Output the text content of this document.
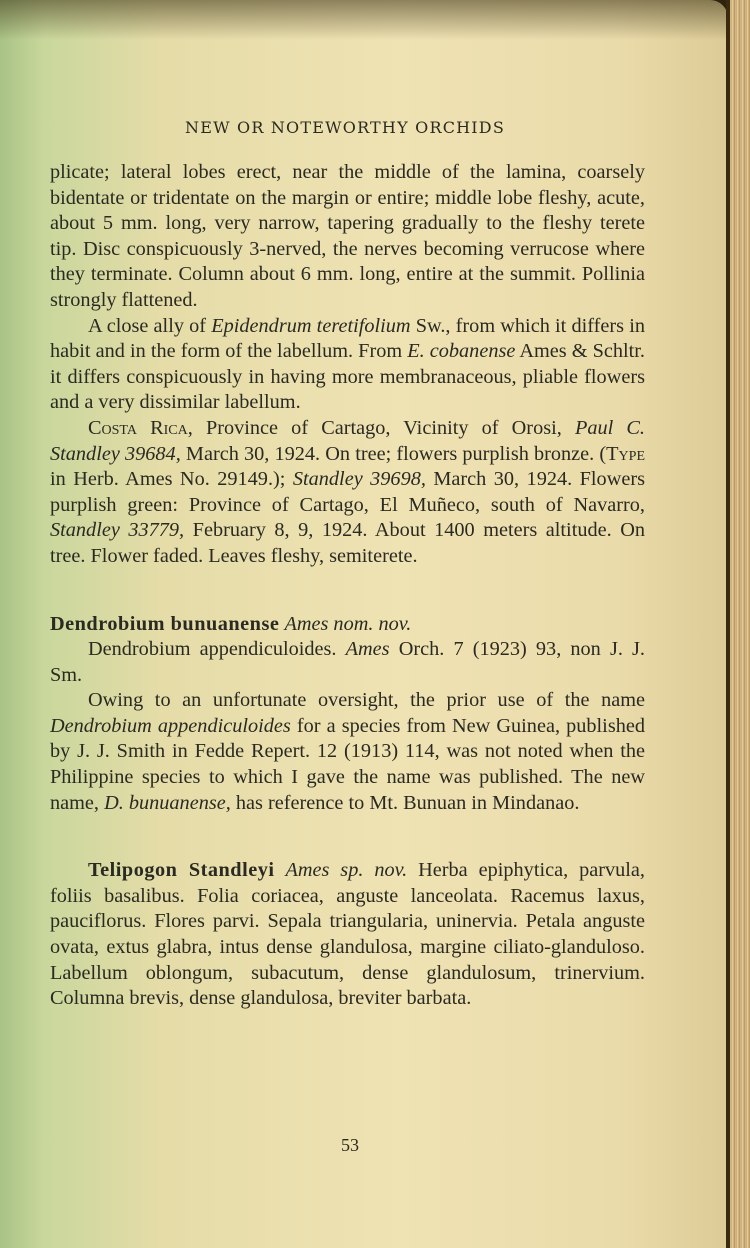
NEW OR NOTEWORTHY ORCHIDS

plicate; lateral lobes erect, near the middle of the lamina, coarsely bidentate or tridentate on the margin or entire; middle lobe fleshy, acute, about 5 mm. long, very narrow, tapering gradually to the fleshy terete tip. Disc conspicuously 3-nerved, the nerves becoming verrucose where they terminate. Column about 6 mm. long, entire at the summit. Pollinia strongly flattened.

A close ally of Epidendrum teretifolium Sw., from which it differs in habit and in the form of the labellum. From E. cobanense Ames & Schltr. it differs conspicuously in having more membranaceous, pliable flowers and a very dissimilar labellum.

Costa Rica, Province of Cartago, Vicinity of Orosi, Paul C. Standley 39684, March 30, 1924. On tree; flowers purplish bronze. (Type in Herb. Ames No. 29149.); Standley 39698, March 30, 1924. Flowers purplish green: Province of Cartago, El Muñeco, south of Navarro, Standley 33779, February 8, 9, 1924. About 1400 meters altitude. On tree. Flower faded. Leaves fleshy, semiterete.

Dendrobium bunuanense Ames nom. nov.

Dendrobium appendiculoides. Ames Orch. 7 (1923) 93, non J. J. Sm.

Owing to an unfortunate oversight, the prior use of the name Dendrobium appendiculoides for a species from New Guinea, published by J. J. Smith in Fedde Repert. 12 (1913) 114, was not noted when the Philippine species to which I gave the name was published. The new name, D. bunuanense, has reference to Mt. Bunuan in Mindanao.

Telipogon Standleyi Ames sp. nov. Herba epiphytica, parvula, foliis basalibus. Folia coriacea, anguste lanceolata. Racemus laxus, pauciflorus. Flores parvi. Sepala triangularia, uninervia. Petala anguste ovata, extus glabra, intus dense glandulosa, margine ciliato-glanduloso. Labellum oblongum, subacutum, dense glandulosum, trinervium. Columna brevis, dense glandulosa, breviter barbata.

53
